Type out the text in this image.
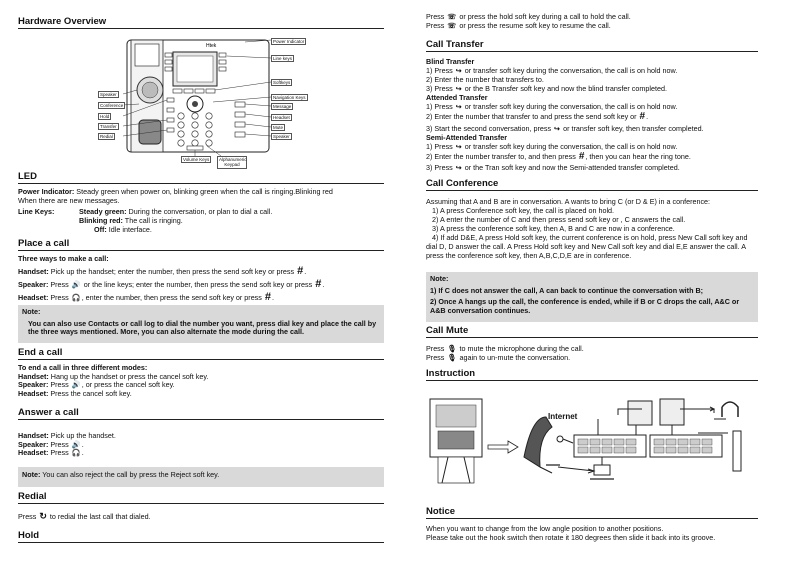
Hardware Overview
Htek
Power Indicator
Line keys
Softkeys
Navigation Keys
Message
Headset
Mute
Speaker
Speaker
Conference
Hold
Transfer
Redial
Volume Keys	Alphanumeric Keypad
LED
Power Indicator: Steady green when power on, blinking green when the call is ringing.Blinking red
When there are new messages.
Line Keys:	Steady green: During the conversation, or plan to dial a call.
Blinking red: The call is ringing.
Off: Idle interface.
Place a call
Three ways to make a call:
Handset: Pick up the handset; enter the number, then press the send soft key or press #.
Speaker: Press 🔊 or the line keys; enter the number, then press the send soft key or press #.
Headset: Press 🎧, enter the number, then press the send soft key or press #.
Note:
You can also use Contacts or call log to dial the number you want, press dial key and place the call by the three ways mentioned. More, you can also alternate the mode during the call.
End a call
To end a call in three different modes:
Handset: Hang up the handset or press the cancel soft key.
Speaker: Press 🔊, or press the cancel soft key.
Headset: Press the cancel soft key.
Answer a call
Handset: Pick up the handset.
Speaker: Press 🔊.
Headset: Press 🎧.
Note: You can also reject the call by press the Reject soft key.
Redial
Press ↻ to redial the last call that dialed.
Hold
Press ☏ or press the hold soft key during a call to hold the call.
Press ☏ or press the resume soft key to resume the call.
Call Transfer
Blind Transfer
1) Press ↪ or transfer soft key during the conversation, the call is on hold now.
2) Enter the number that transfers to.
3) Press ↪ or the B Transfer soft key and now the blind transfer completed.
Attended Transfer
1) Press ↪ or transfer soft key during the conversation, the call is on hold now.
2) Enter the number that transfer to and press the send soft key or #.
3) Start the second conversation, press ↪ or transfer soft key, then transfer completed.
Semi-Attended Transfer
1) Press ↪ or transfer soft key during the conversation, the call is on hold now.
2) Enter the number transfer to, and then press #, then you can hear the ring tone.
3) Press ↪ or the Tran soft key and now the Semi-attended transfer completed.
Call Conference
Assuming that A and B are in conversation. A wants to bring C (or D & E) in a conference:
1) A press Conference soft key, the call is placed on hold.
2) A enter the number of C and then press send soft key or , C answers the call.
3) A press the conference soft key, then A, B and C are now in a conference.
4) If add D&E, A press Hold soft key, the current conference is on hold, press New Call soft key and dial D, D answer the call. A Press Hold soft key and New Call soft key and dial E,E answer the call. A press the conference soft key, then A,B,C,D,E are in conference.
Note:
1) If C does not answer the call, A can back to continue the conversation with B;
2) Once A hangs up the call, the conference is ended, while if B or C drops the call, A&C or A&B conversation continues.
Call Mute
Press 🎙 to mute the microphone during the call.
Press 🎙 again to un-mute the conversation.
Instruction
Internet
Notice
When you want to change from the low angle position to another positions.
Please take out the hook switch then rotate it 180 degrees then slide it back into its groove.
